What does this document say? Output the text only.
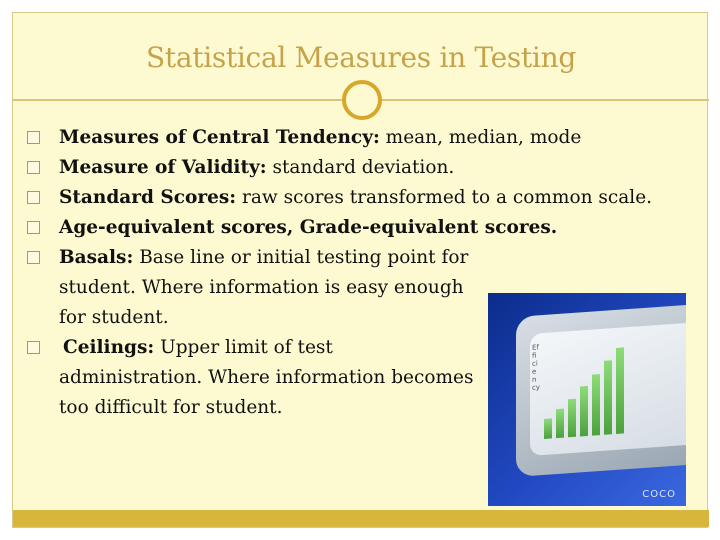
Statistical Measures in Testing
Measures of Central Tendency: mean, median, mode
Measure of Validity: standard deviation.
Standard Scores: raw scores transformed to a common scale.
Age-equivalent scores, Grade-equivalent scores.
Basals: Base line or initial testing point for student. Where information is easy enough for student.
Ceilings: Upper limit of test administration. Where information becomes too difficult for student.
Efficiency
COCO
